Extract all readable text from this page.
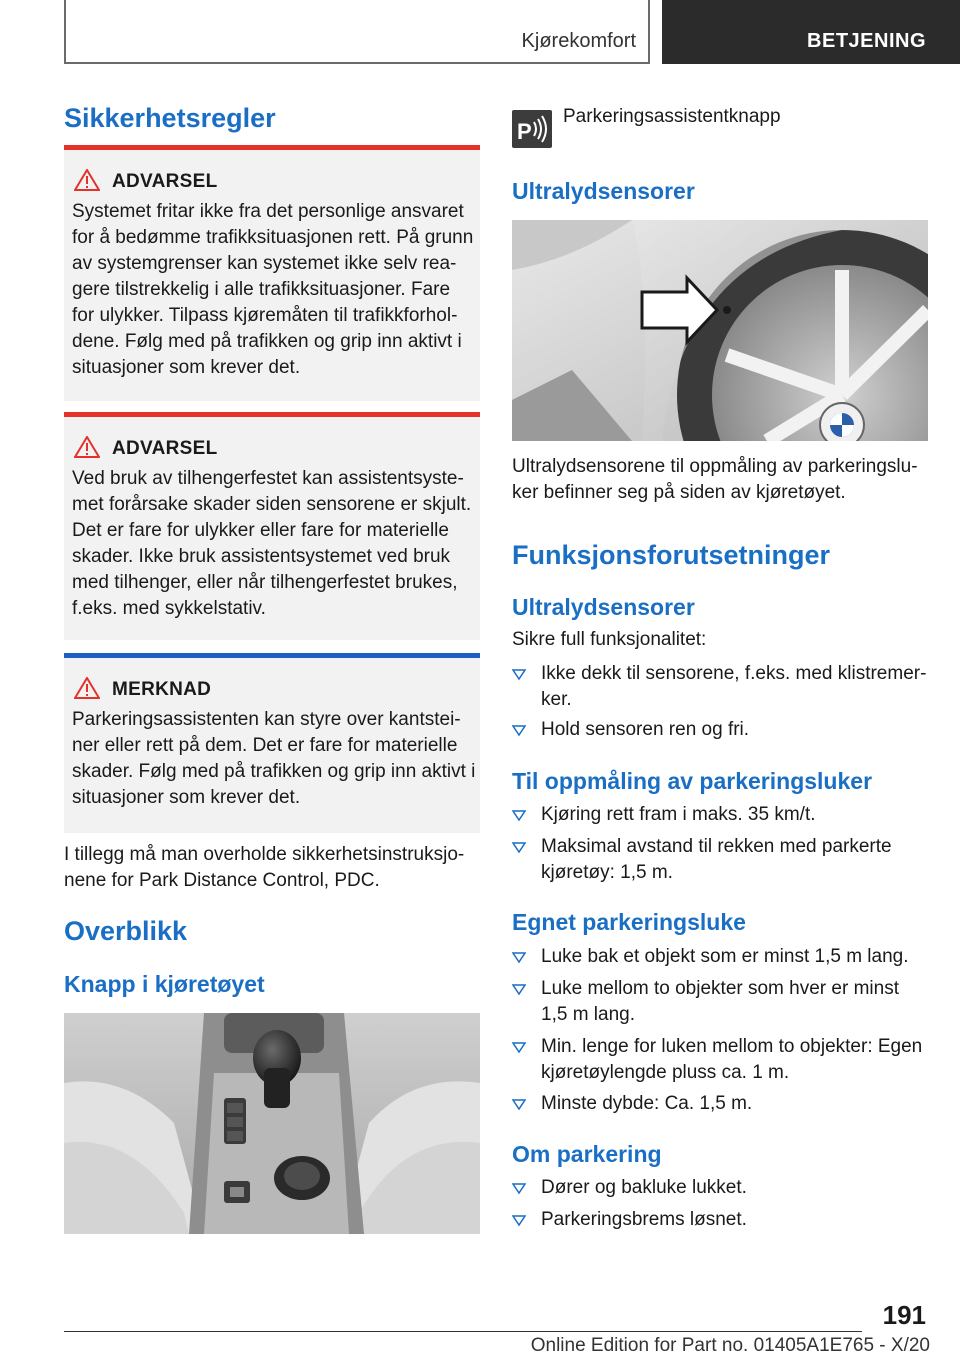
Kjørekomfort	BETJENING
Sikkerhetsregler
ADVARSEL
Systemet fritar ikke fra det personlige ansvaret for å bedømme trafikksituasjonen rett. På grunn av systemgrenser kan systemet ikke selv reagere tilstrekkelig i alle trafikksituasjoner. Fare for ulykker. Tilpass kjøremåten til trafikkforholdene. Følg med på trafikken og grip inn aktivt i situasjoner som krever det.
ADVARSEL
Ved bruk av tilhengerfestet kan assistentsystemet forårsake skader siden sensorene er skjult. Det er fare for ulykker eller fare for materielle skader. Ikke bruk assistentsystemet ved bruk med tilhenger, eller når tilhengerfestet brukes, f.eks. med sykkelstativ.
MERKNAD
Parkeringsassistenten kan styre over kantsteiner eller rett på dem. Det er fare for materielle skader. Følg med på trafikken og grip inn aktivt i situasjoner som krever det.
I tillegg må man overholde sikkerhetsinstruksjonene for Park Distance Control, PDC.
Overblikk
Knapp i kjøretøyet
P
Parkeringsassistentknapp
Ultralydsensorer
Ultralydsensorene til oppmåling av parkeringsluker befinner seg på siden av kjøretøyet.
Funksjonsforutsetninger
Ultralydsensorer
Sikre full funksjonalitet:
Ikke dekk til sensorene, f.eks. med klistremerker.
Hold sensoren ren og fri.
Til oppmåling av parkeringsluker
Kjøring rett fram i maks. 35 km/t.
Maksimal avstand til rekken med parkerte kjøretøy: 1,5 m.
Egnet parkeringsluke
Luke bak et objekt som er minst 1,5 m lang.
Luke mellom to objekter som hver er minst 1,5 m lang.
Min. lenge for luken mellom to objekter: Egen kjøretøylengde pluss ca. 1 m.
Minste dybde: Ca. 1,5 m.
Om parkering
Dører og bakluke lukket.
Parkeringsbrems løsnet.
191
Online Edition for Part no. 01405A1E765 - X/20
